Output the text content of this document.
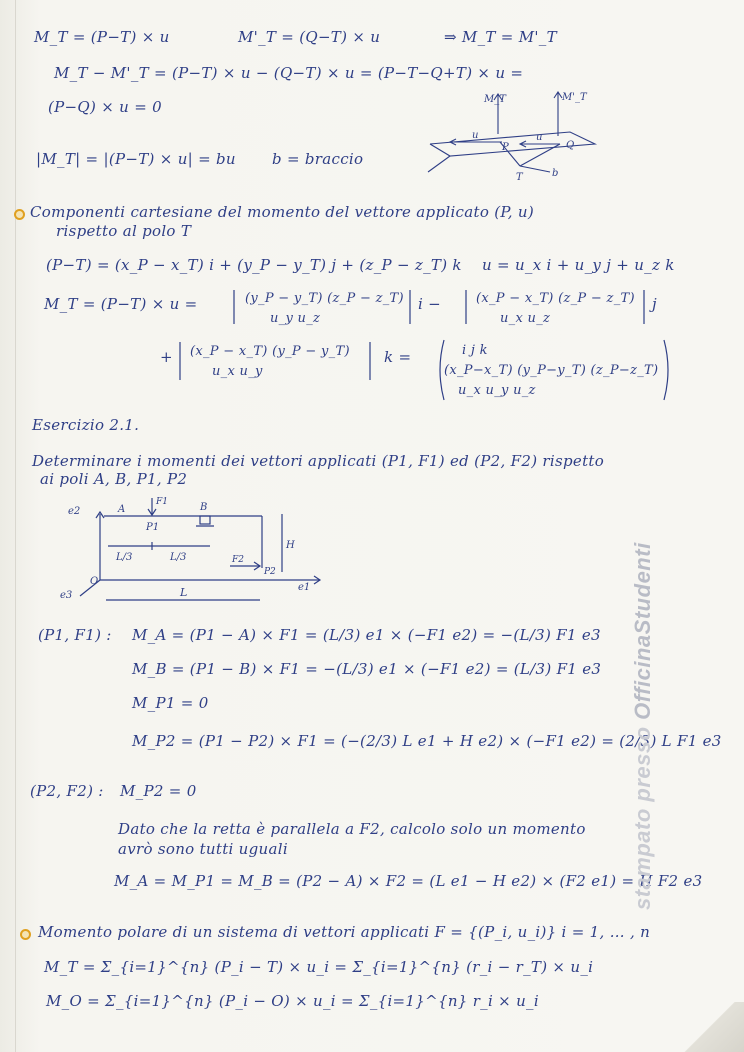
M_T = (P−T) × u	M'_T = (Q−T) × u	⇒ M_T = M'_T
M_T − M'_T = (P−T) × u − (Q−T) × u = (P−T−Q+T) × u =
(P−Q) × u = 0
|M_T| = |(P−T) × u| = bu b = braccio
M_T	M'_T
u	u
P	Q
T	b
Componenti cartesiane del momento del vettore applicato (P, u)
rispetto al polo T
(P−T) = (x_P − x_T) i + (y_P − y_T) j + (z_P − z_T) k u = u_x i + u_y j + u_z k
M_T = (P−T) × u =	(y_P − y_T) (z_P − z_T)
u_y u_z
i −	(x_P − x_T) (z_P − z_T)
u_x u_z
j
+ (x_P − x_T) (y_P − y_T)
u_x u_y
k =	i j k
(x_P−x_T) (y_P−y_T) (z_P−z_T)
u_x u_y u_z
Esercizio 2.1.
Determinare i momenti dei vettori applicati (P1, F1) ed (P2, F2) rispetto
ai poli A, B, P1, P2
e2	A
F1
P1
B
H
L/3	L/3	F2
P2
O
e1
e3	L
(P1, F1) : M_A = (P1 − A) × F1 = (L/3) e1 × (−F1 e2) = −(L/3) F1 e3
M_B = (P1 − B) × F1 = −(L/3) e1 × (−F1 e2) = (L/3) F1 e3
M_P1 = 0
M_P2 = (P1 − P2) × F1 = (−(2/3) L e1 + H e2) × (−F1 e2) = (2/3) L F1 e3
(P2, F2) : M_P2 = 0
Dato che la retta è parallela a F2, calcolo solo un momento
avrò sono tutti uguali
M_A = M_P1 = M_B = (P2 − A) × F2 = (L e1 − H e2) × (F2 e1) = H F2 e3
Momento polare di un sistema di vettori applicati F = {(P_i, u_i)} i = 1, … , n
M_T = Σ_{i=1}^{n} (P_i − T) × u_i = Σ_{i=1}^{n} (r_i − r_T) × u_i
M_O = Σ_{i=1}^{n} (P_i − O) × u_i = Σ_{i=1}^{n} r_i × u_i
stampato presso OfficinaStudenti
